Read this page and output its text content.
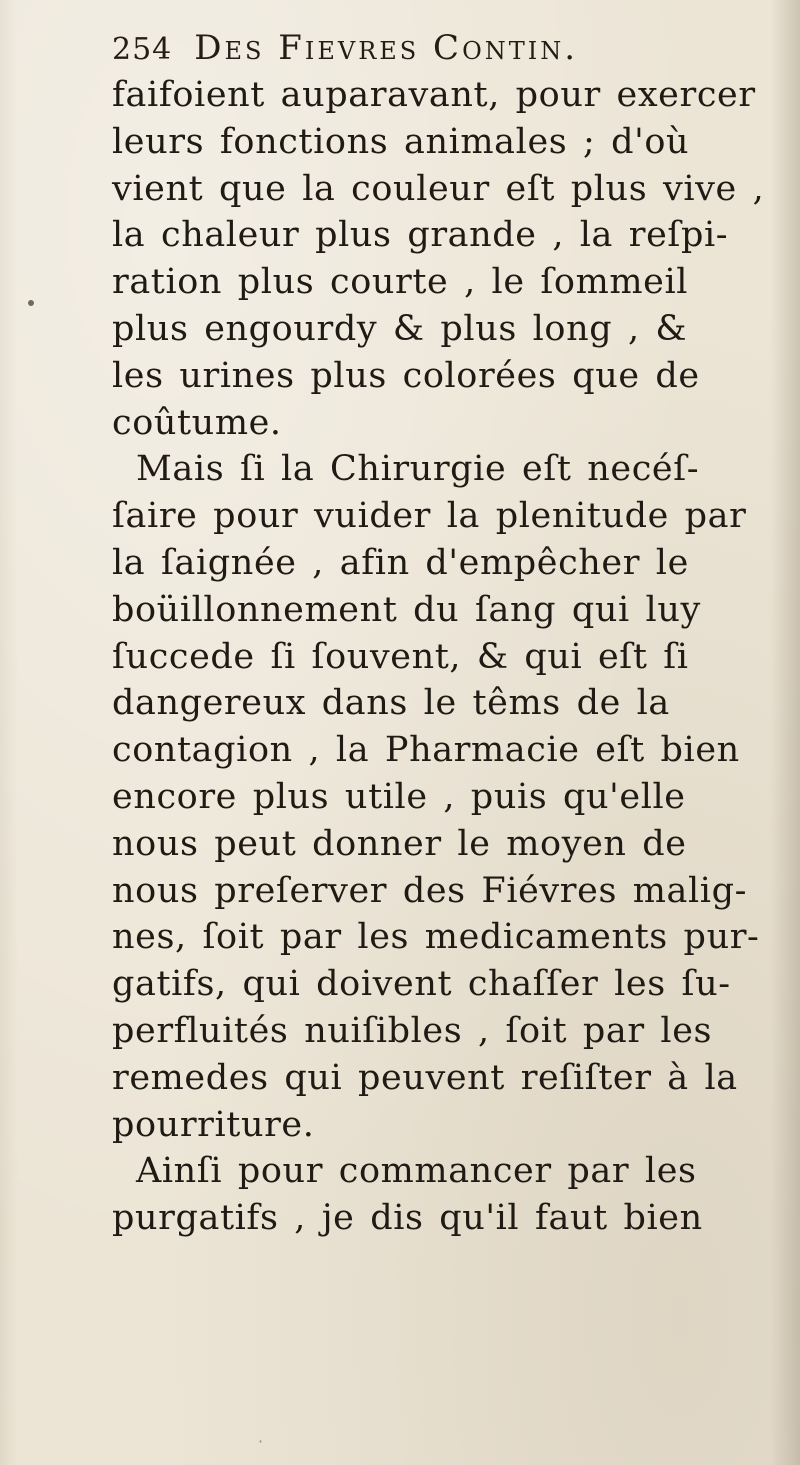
254 Des Fievres Contin.
faifoient auparavant, pour exercer
leurs fonctions animales ; d'où
vient que la couleur eſt plus vive ,
la chaleur plus grande , la reſpi-
ration plus courte , le ſommeil
plus engourdy & plus long , &
les urines plus colorées que de
coûtume.
Mais ſi la Chirurgie eſt necéſ-
ſaire pour vuider la plenitude par
la ſaignée , afin d'empêcher le
boüillonnement du ſang qui luy
ſuccede ſi ſouvent, & qui eſt ſi
dangereux dans le têms de la
contagion , la Pharmacie eſt bien
encore plus utile , puis qu'elle
nous peut donner le moyen de
nous preſerver des Fiévres malig-
nes, ſoit par les medicaments pur-
gatifs, qui doivent chaſſer les ſu-
perfluités nuiſibles , ſoit par les
remedes qui peuvent reſiſter à la
pourriture.
Ainſi pour commancer par les
purgatifs , je dis qu'il faut bien
·
